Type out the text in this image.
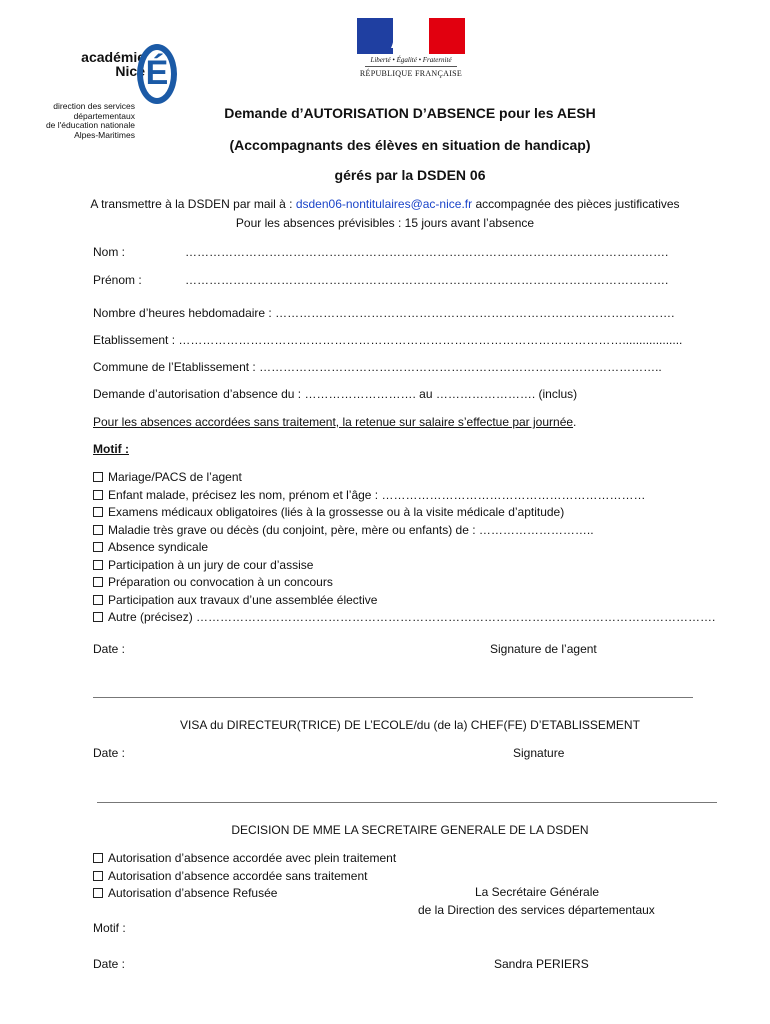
académie
Nice É
direction des services
départementaux
de l'éducation nationale
Alpes-Maritimes
Liberté • Égalité • Fraternité
RÉPUBLIQUE FRANÇAISE
Demande d’AUTORISATION D’ABSENCE pour les AESH
(Accompagnants des élèves en situation de handicap)
gérés par la DSDEN 06
A transmettre à la DSDEN par mail à : dsden06-nontitulaires@ac-nice.fr accompagnée des pièces justificatives
Pour les absences prévisibles : 15 jours avant l’absence
Nom :	………………………………………………………………………………………………………….
Prénom :	………………………………………………………………………………………………………….
Nombre d’heures hebdomadaire : ……………………………………………………………………………………….
Etablissement : …………………………………………………………………………………………………..................
Commune de l’Etablissement : ………………………………………………………………………………………..
Demande d’autorisation d’absence du : ………………………. au ……………………. (inclus)
Pour les absences accordées sans traitement, la retenue sur salaire s’effectue par journée.
Motif :
Mariage/PACS de l’agent
Enfant malade, précisez les nom, prénom et l’âge : …………………………………………………………
Examens médicaux obligatoires (liés à la grossesse ou à la visite médicale d’aptitude)
Maladie très grave ou décès (du conjoint, père, mère ou enfants) de : ………………………..
Absence syndicale
Participation à un jury de cour d’assise
Préparation ou convocation à un concours
Participation aux travaux d’une assemblée élective
Autre (précisez) ………………………………………………………………………………………………………………….
Date :	Signature de l’agent
VISA du DIRECTEUR(TRICE) DE L’ECOLE/du (de la) CHEF(FE) D’ETABLISSEMENT
Date :	Signature
DECISION DE MME LA SECRETAIRE GENERALE DE LA DSDEN
Autorisation d’absence accordée avec plein traitement
Autorisation d’absence accordée sans traitement
Autorisation d’absence Refusée	La Secrétaire Générale
de la Direction des services départementaux
Motif :
Date :	Sandra PERIERS
